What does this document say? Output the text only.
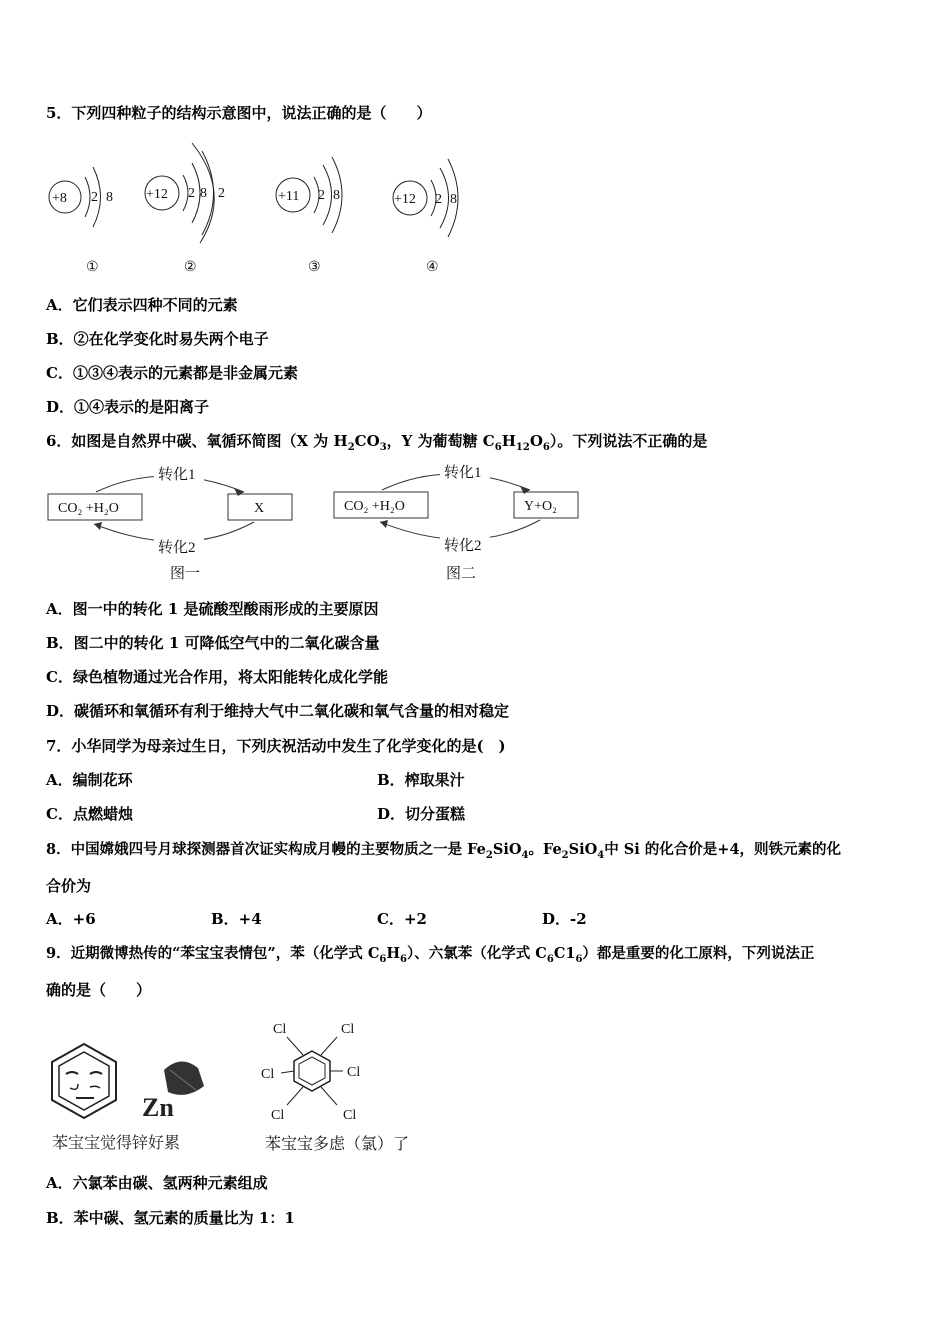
5．下列四种粒子的结构示意图中，说法正确的是（　　）
+8 2 8
①
+12 2 8 2
②
+11 2 8
③
+12 2 8
④
A．它们表示四种不同的元素
B．②在化学变化时易失两个电子
C．①③④表示的元素都是非金属元素
D．①④表示的是阳离子
6．如图是自然界中碳、氧循环简图（X 为 $H_2CO_3$，Y 为葡萄糖 $C_6H_{12}O_6$）。下列说法不正确的是
CO₂ +H₂O	X
转化1
转化2
图一
CO₂ +H₂O	Y+O₂
转化1
转化2
图二
A．图一中的转化 1 是硫酸型酸雨形成的主要原因
B．图二中的转化 1 可降低空气中的二氧化碳含量
C．绿色植物通过光合作用，将太阳能转化成化学能
D．碳循环和氧循环有利于维持大气中二氧化碳和氧气含量的相对稳定
7．小华同学为母亲过生日，下列庆祝活动中发生了化学变化的是(　)
A．编制花环	B．榨取果汁
C．点燃蜡烛	D．切分蛋糕
8．中国嫦娥四号月球探测器首次证实构成月幔的主要物质之一是 $Fe_2SiO_4$。$Fe_2SiO_4$中 Si 的化合价是+4，则铁元素的化
合价为
A．+6	B．+4	C．+2	D．-2
9．近期微博热传的“苯宝宝表情包”，苯（化学式 $C_6H_6$）、六氯苯（化学式 $C_6C1_6$）都是重要的化工原料，下列说法正
确的是（　　）
Zn
苯宝宝觉得锌好累
Cl	Cl
Cl	Cl
Cl	Cl
苯宝宝多虑（氯）了
A．六氯苯由碳、氢两种元素组成
B．苯中碳、氢元素的质量比为 1：1
